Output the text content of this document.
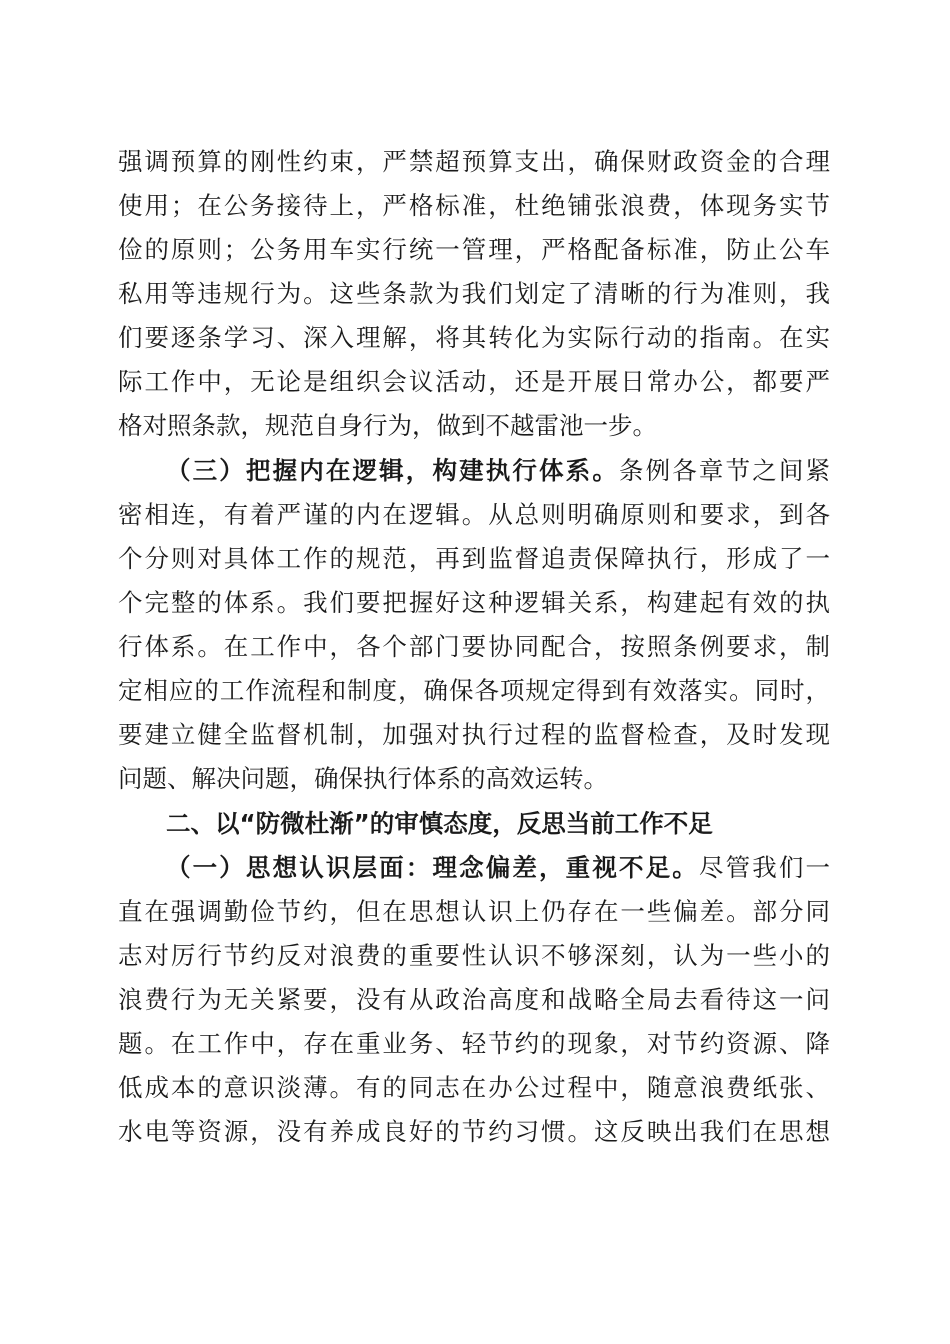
强调预算的刚性约束，严禁超预算支出，确保财政资金的合理
使用；在公务接待上，严格标准，杜绝铺张浪费，体现务实节
俭的原则；公务用车实行统一管理，严格配备标准，防止公车
私用等违规行为。这些条款为我们划定了清晰的行为准则，我
们要逐条学习、深入理解，将其转化为实际行动的指南。在实
际工作中，无论是组织会议活动，还是开展日常办公，都要严
格对照条款，规范自身行为，做到不越雷池一步。
（三）把握内在逻辑，构建执行体系。条例各章节之间紧
密相连，有着严谨的内在逻辑。从总则明确原则和要求，到各
个分则对具体工作的规范，再到监督追责保障执行，形成了一
个完整的体系。我们要把握好这种逻辑关系，构建起有效的执
行体系。在工作中，各个部门要协同配合，按照条例要求，制
定相应的工作流程和制度，确保各项规定得到有效落实。同时，
要建立健全监督机制，加强对执行过程的监督检查，及时发现
问题、解决问题，确保执行体系的高效运转。
二、以“防微杜渐”的审慎态度，反思当前工作不足
（一）思想认识层面：理念偏差，重视不足。尽管我们一
直在强调勤俭节约，但在思想认识上仍存在一些偏差。部分同
志对厉行节约反对浪费的重要性认识不够深刻，认为一些小的
浪费行为无关紧要，没有从政治高度和战略全局去看待这一问
题。在工作中，存在重业务、轻节约的现象，对节约资源、降
低成本的意识淡薄。有的同志在办公过程中，随意浪费纸张、
水电等资源，没有养成良好的节约习惯。这反映出我们在思想
